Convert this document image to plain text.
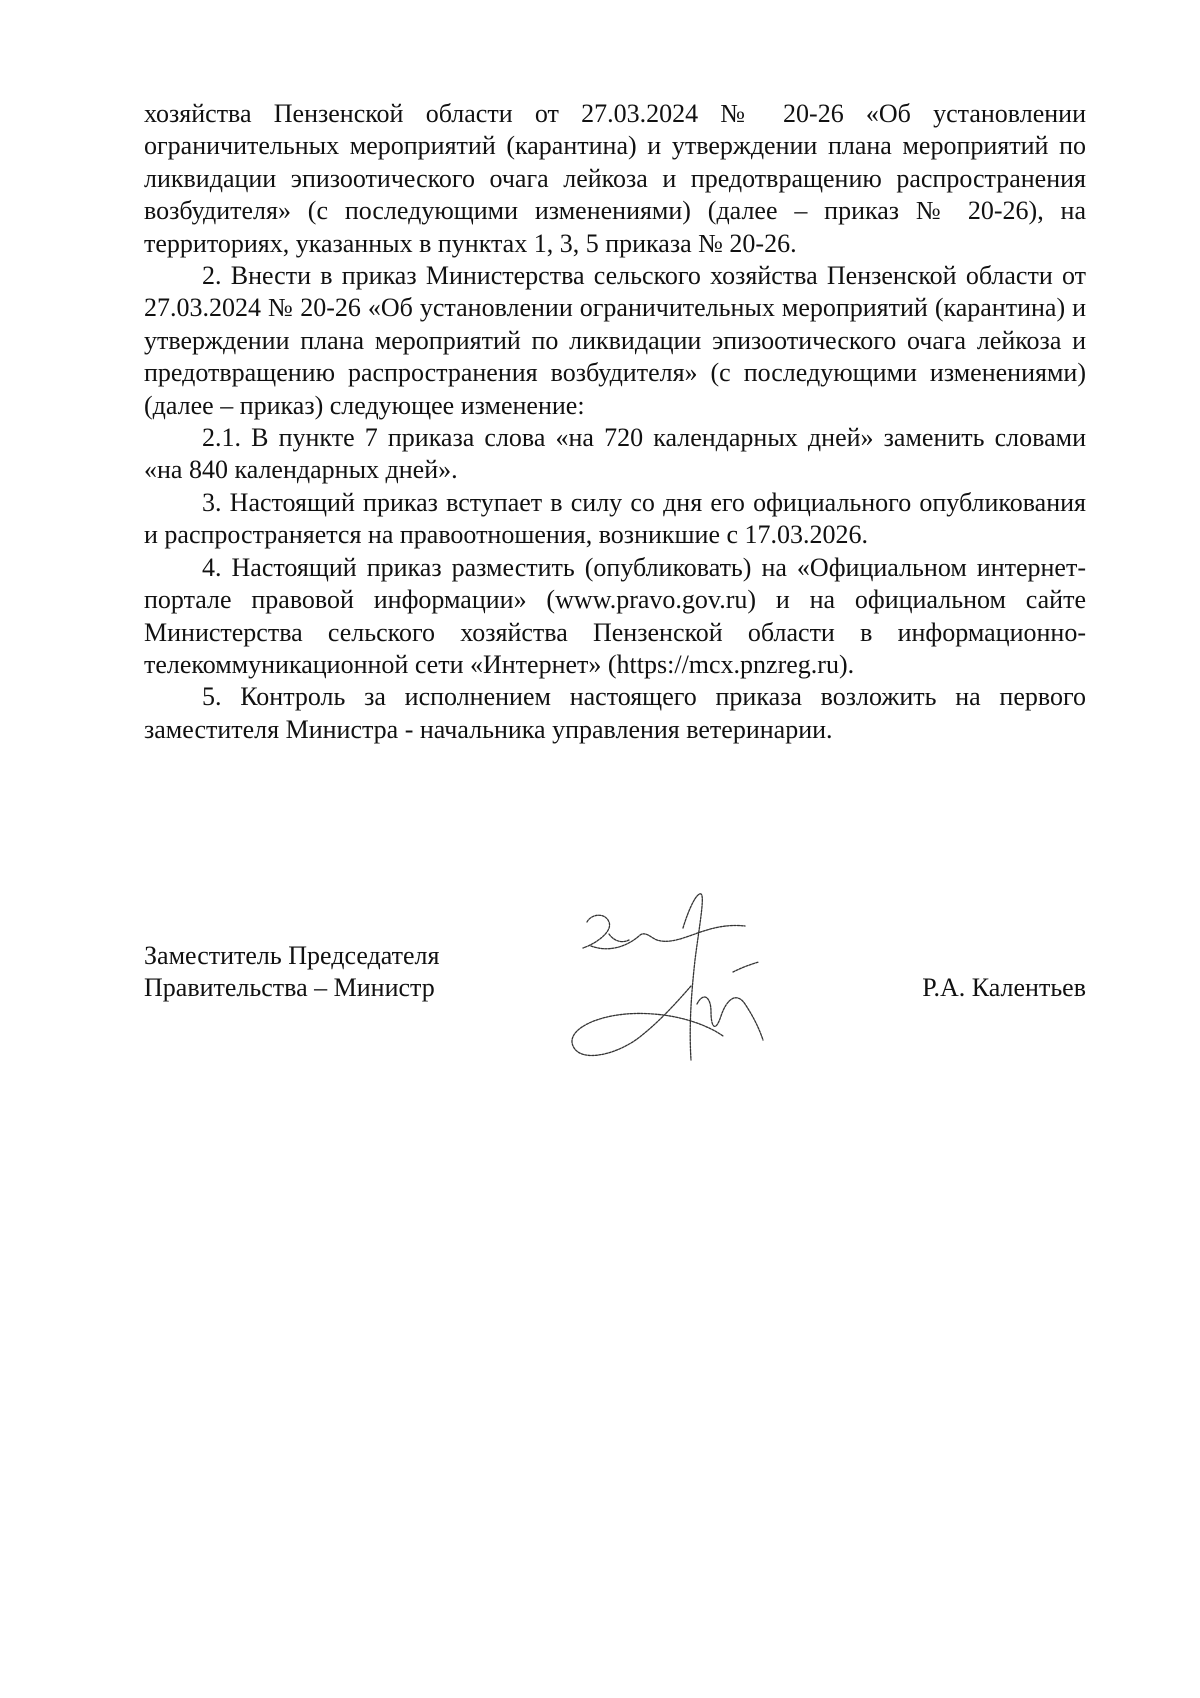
хозяйства Пензенской области от 27.03.2024 № 20-26 «Об установлении ограничительных мероприятий (карантина) и утверждении плана мероприятий по ликвидации эпизоотического очага лейкоза и предотвращению распространения возбудителя» (с последующими изменениями) (далее – приказ № 20-26), на территориях, указанных в пунктах 1, 3, 5 приказа № 20-26.

2. Внести в приказ Министерства сельского хозяйства Пензенской области от 27.03.2024 № 20-26 «Об установлении ограничительных мероприятий (карантина) и утверждении плана мероприятий по ликвидации эпизоотического очага лейкоза и предотвращению распространения возбудителя» (с последующими изменениями) (далее – приказ) следующее изменение:

2.1. В пункте 7 приказа слова «на 720 календарных дней» заменить словами «на 840 календарных дней».

3. Настоящий приказ вступает в силу со дня его официального опубликования и распространяется на правоотношения, возникшие с 17.03.2026.

4. Настоящий приказ разместить (опубликовать) на «Официальном интернет-портале правовой информации» (www.pravo.gov.ru) и на официальном сайте Министерства сельского хозяйства Пензенской области в информационно-телекоммуникационной сети «Интернет» (https://mcx.pnzreg.ru).

5. Контроль за исполнением настоящего приказа возложить на первого заместителя Министра - начальника управления ветеринарии.

Заместитель Председателя
Правительства – Министр	Р.А. Калентьев
